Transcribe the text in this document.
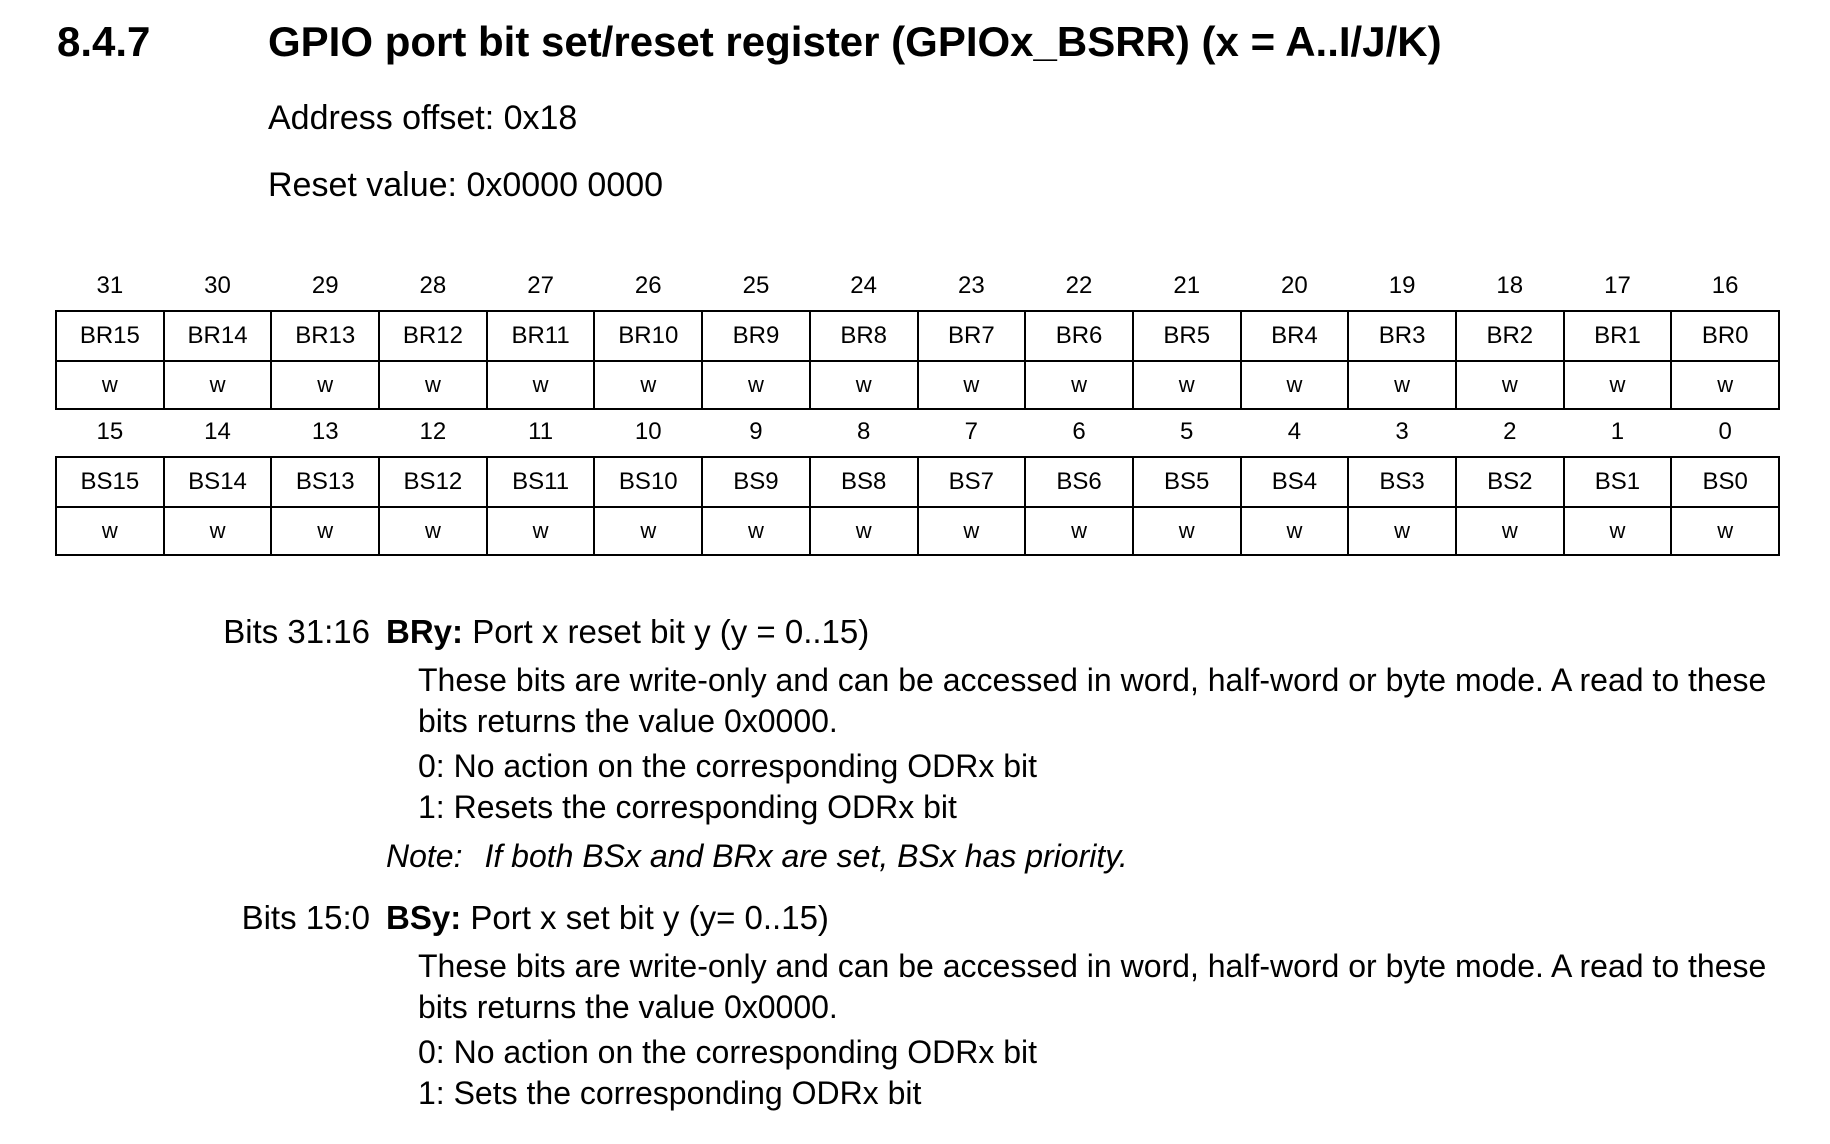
8.4.7	GPIO port bit set/reset register (GPIOx_BSRR) (x = A..I/J/K)
Address offset: 0x18
Reset value: 0x0000 0000
31	30	29	28	27	26	25	24	23	22	21	20	19	18	17	16
BR15	BR14	BR13	BR12	BR11	BR10	BR9	BR8	BR7	BR6	BR5	BR4	BR3	BR2	BR1	BR0
w	w	w	w	w	w	w	w	w	w	w	w	w	w	w	w
15	14	13	12	11	10	9	8	7	6	5	4	3	2	1	0
BS15	BS14	BS13	BS12	BS11	BS10	BS9	BS8	BS7	BS6	BS5	BS4	BS3	BS2	BS1	BS0
w	w	w	w	w	w	w	w	w	w	w	w	w	w	w	w
Bits 31:16 BRy: Port x reset bit y (y = 0..15)

These bits are write-only and can be accessed in word, half-word or byte mode. A read to these bits returns the value 0x0000.

0: No action on the corresponding ODRx bit
1: Resets the corresponding ODRx bit

Note: If both BSx and BRx are set, BSx has priority.
Bits 15:0 BSy: Port x set bit y (y= 0..15)

These bits are write-only and can be accessed in word, half-word or byte mode. A read to these bits returns the value 0x0000.

0: No action on the corresponding ODRx bit
1: Sets the corresponding ODRx bit
